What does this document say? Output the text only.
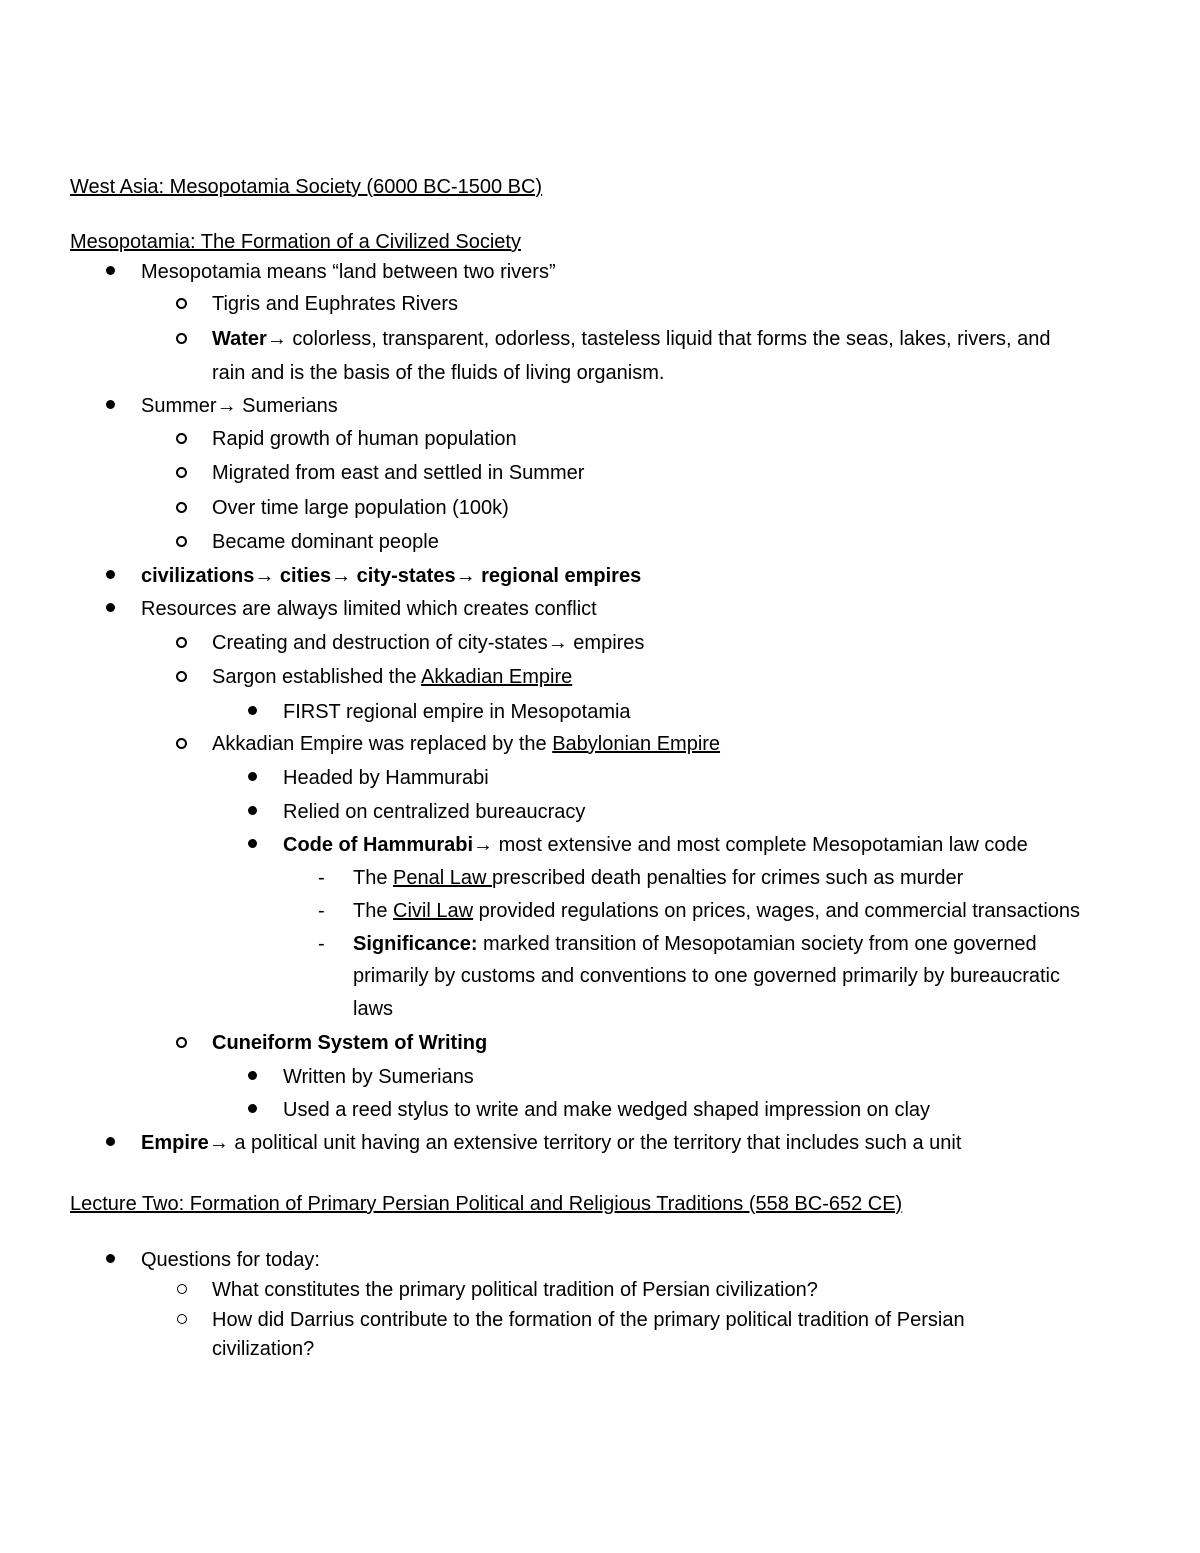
West Asia: Mesopotamia Society (6000 BC-1500 BC)
Mesopotamia: The Formation of a Civilized Society
Mesopotamia means “land between two rivers”
Tigris and Euphrates Rivers
Water→ colorless, transparent, odorless, tasteless liquid that forms the seas, lakes, rivers, and
rain and is the basis of the fluids of living organism.
Summer→ Sumerians
Rapid growth of human population
Migrated from east and settled in Summer
Over time large population (100k)
Became dominant people
civilizations→ cities→ city-states→ regional empires
Resources are always limited which creates conflict
Creating and destruction of city-states→ empires
Sargon established the Akkadian Empire
FIRST regional empire in Mesopotamia
Akkadian Empire was replaced by the Babylonian Empire
Headed by Hammurabi
Relied on centralized bureaucracy
Code of Hammurabi→ most extensive and most complete Mesopotamian law code
- The Penal Law prescribed death penalties for crimes such as murder
- The Civil Law provided regulations on prices, wages, and commercial transactions
- Significance: marked transition of Mesopotamian society from one governed
primarily by customs and conventions to one governed primarily by bureaucratic
laws
Cuneiform System of Writing
Written by Sumerians
Used a reed stylus to write and make wedged shaped impression on clay
Empire→ a political unit having an extensive territory or the territory that includes such a unit
Lecture Two: Formation of Primary Persian Political and Religious Traditions (558 BC-652 CE)
Questions for today:
What constitutes the primary political tradition of Persian civilization?
How did Darrius contribute to the formation of the primary political tradition of Persian
civilization?
